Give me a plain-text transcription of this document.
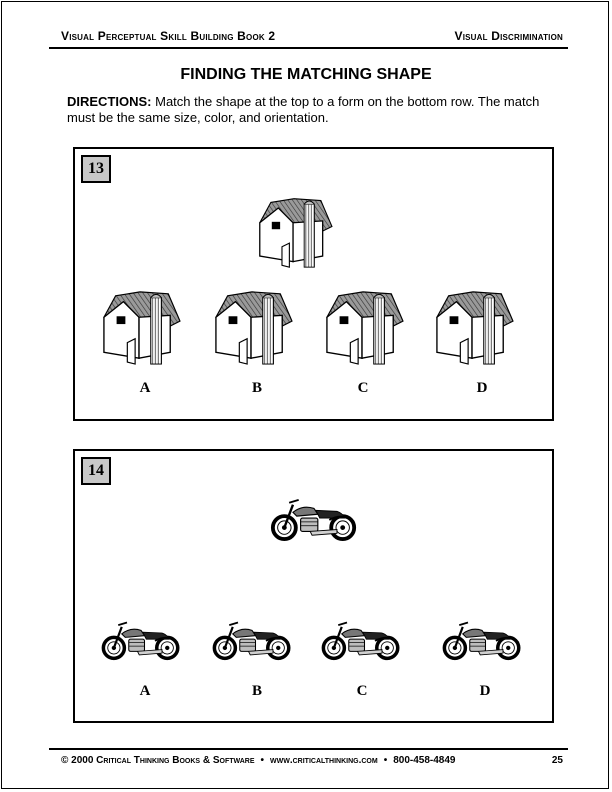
Visual Perceptual Skill Building Book 2	Visual Discrimination
FINDING THE MATCHING SHAPE
DIRECTIONS: Match the shape at the top to a form on the bottom row. The match must be the same size, color, and orientation.
13
A	B	C	D
14
A	B	C	D
© 2000 Critical Thinking Books & Software • www.criticalthinking.com • 800-458-4849	25
